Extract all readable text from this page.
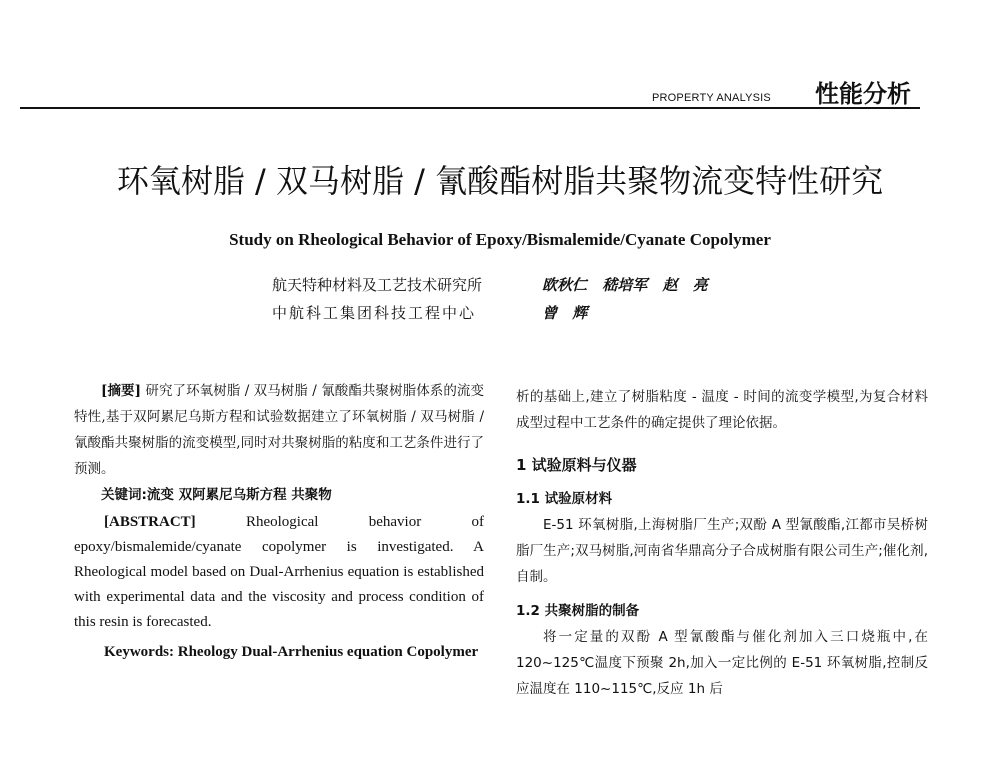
PROPERTY ANALYSIS 性能分析
环氧树脂 / 双马树脂 / 氰酸酯树脂共聚物流变特性研究
Study on Rheological Behavior of Epoxy/Bismalemide/Cyanate Copolymer
航天特种材料及工艺技术研究所	欧秋仁 嵇培军 赵 亮
中航科工集团科技工程中心	曾 辉

[摘要] 研究了环氧树脂 / 双马树脂 / 氰酸酯共聚树脂体系的流变特性,基于双阿累尼乌斯方程和试验数据建立了环氧树脂 / 双马树脂 / 氰酸酯共聚树脂的流变模型,同时对共聚树脂的粘度和工艺条件进行了预测。

关键词:流变 双阿累尼乌斯方程 共聚物

[ABSTRACT]	Rheological behavior of epoxy/bismalemide/cyanate copolymer is investigated. A Rheological model based on Dual-Arrhenius equation is established with experimental data and the viscosity and process condition of this resin is forecasted.

Keywords: Rheology Dual-Arrhenius equation Copolymer

析的基础上,建立了树脂粘度 - 温度 - 时间的流变学模型,为复合材料成型过程中工艺条件的确定提供了理论依据。

1 试验原料与仪器
1.1 试验原材料

E-51 环氧树脂,上海树脂厂生产;双酚 A 型氰酸酯,江都市吴桥树脂厂生产;双马树脂,河南省华鼎高分子合成树脂有限公司生产;催化剂,自制。

1.2 共聚树脂的制备

将一定量的双酚 A 型氰酸酯与催化剂加入三口烧瓶中,在 120~125℃温度下预聚 2h,加入一定比例的 E-51 环氧树脂,控制反应温度在 110~115℃,反应 1h 后
